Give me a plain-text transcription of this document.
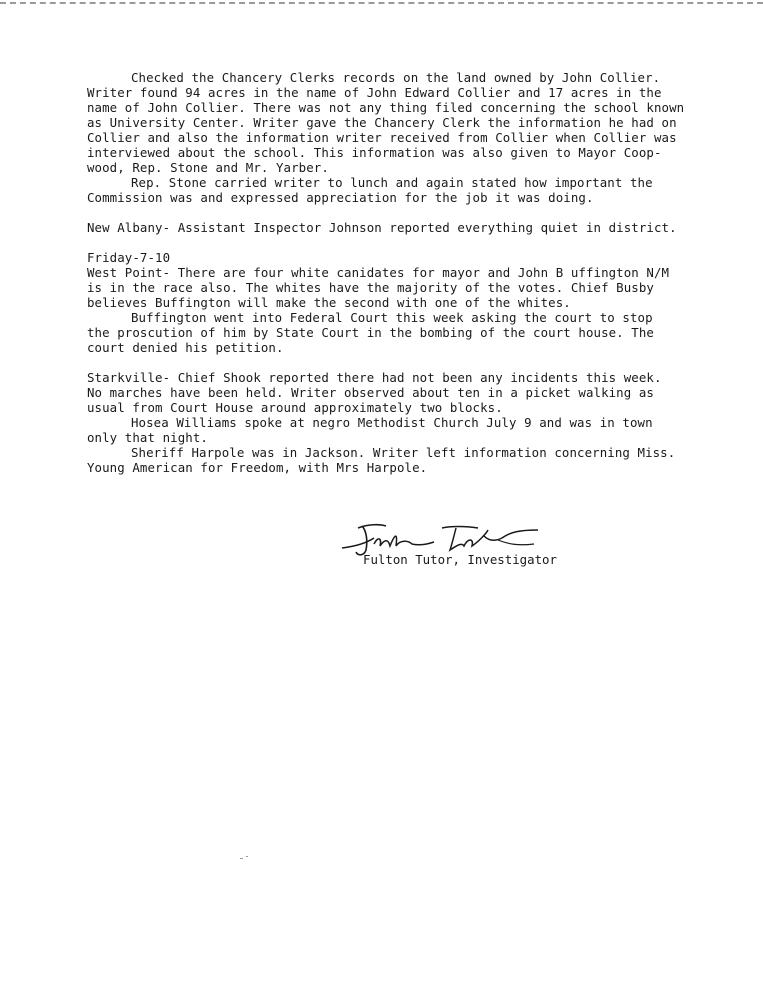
Checked the Chancery Clerks records on the land owned by John Collier.
Writer found 94 acres in the name of John Edward Collier and 17 acres in the
name of John Collier. There was not any thing filed concerning the school known
as University Center. Writer gave the Chancery Clerk the information he had on
Collier and also the information writer received from Collier when Collier was
interviewed about the school. This information was also given to Mayor Coop-
wood, Rep. Stone and Mr. Yarber.
Rep. Stone carried writer to lunch and again stated how important the
Commission was and expressed appreciation for the job it was doing.
New Albany- Assistant Inspector Johnson reported everything quiet in district.
Friday-7-10
West Point- There are four white canidates for mayor and John B uffington N/M
is in the race also. The whites have the majority of the votes. Chief Busby
believes Buffington will make the second with one of the whites.
Buffington went into Federal Court this week asking the court to stop
the proscution of him by State Court in the bombing of the court house. The
court denied his petition.
Starkville- Chief Shook reported there had not been any incidents this week.
No marches have been held. Writer observed about ten in a picket walking as
usual from Court House around approximately two blocks.
Hosea Williams spoke at negro Methodist Church July 9 and was in town
only that night.
Sheriff Harpole was in Jackson. Writer left information concerning Miss.
Young American for Freedom, with Mrs Harpole.
Fulton Tutor, Investigator
